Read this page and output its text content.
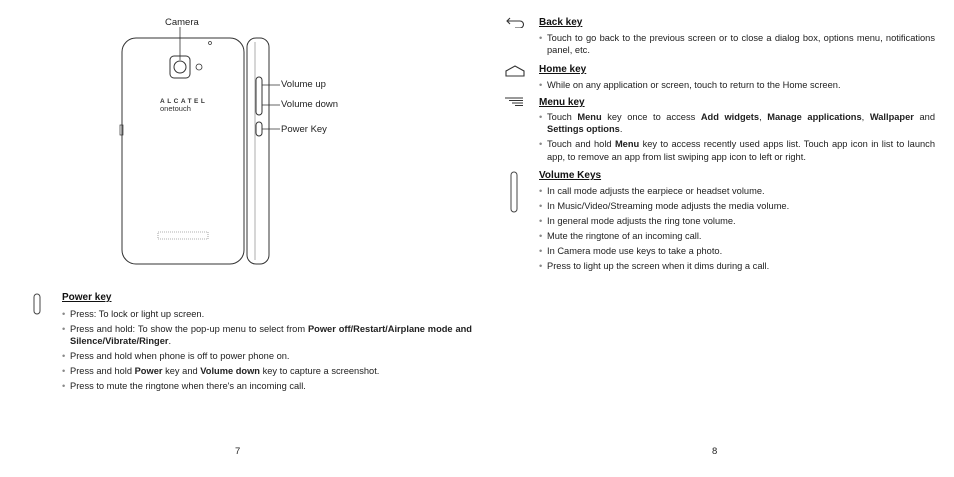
Camera
ALCATEL
onetouch
Volume up
Volume down
Power Key
Power key
• Press: To lock or light up screen.
• Press and hold: To show the pop-up menu to select from Power off/Restart/Airplane mode and Silence/Vibrate/Ringer.
• Press and hold when phone is off to power phone on.
• Press and hold Power key and Volume down key to capture a screenshot.
• Press to mute the ringtone when there's an incoming call.
7
Back key
• Touch to go back to the previous screen or to close a dialog box, options menu, notifications panel, etc.
Home key
• While on any application or screen, touch to return to the Home screen.
Menu key
• Touch Menu key once to access Add widgets, Manage applications, Wallpaper and Settings options.
• Touch and hold Menu key to access recently used apps list. Touch app icon in list to launch app, to remove an app from list swiping app icon to left or right.
Volume Keys
• In call mode adjusts the earpiece or headset volume.
• In Music/Video/Streaming mode adjusts the media volume.
• In general mode adjusts the ring tone volume.
• Mute the ringtone of an incoming call.
• In Camera mode use keys to take a photo.
• Press to light up the screen when it dims during a call.
8
